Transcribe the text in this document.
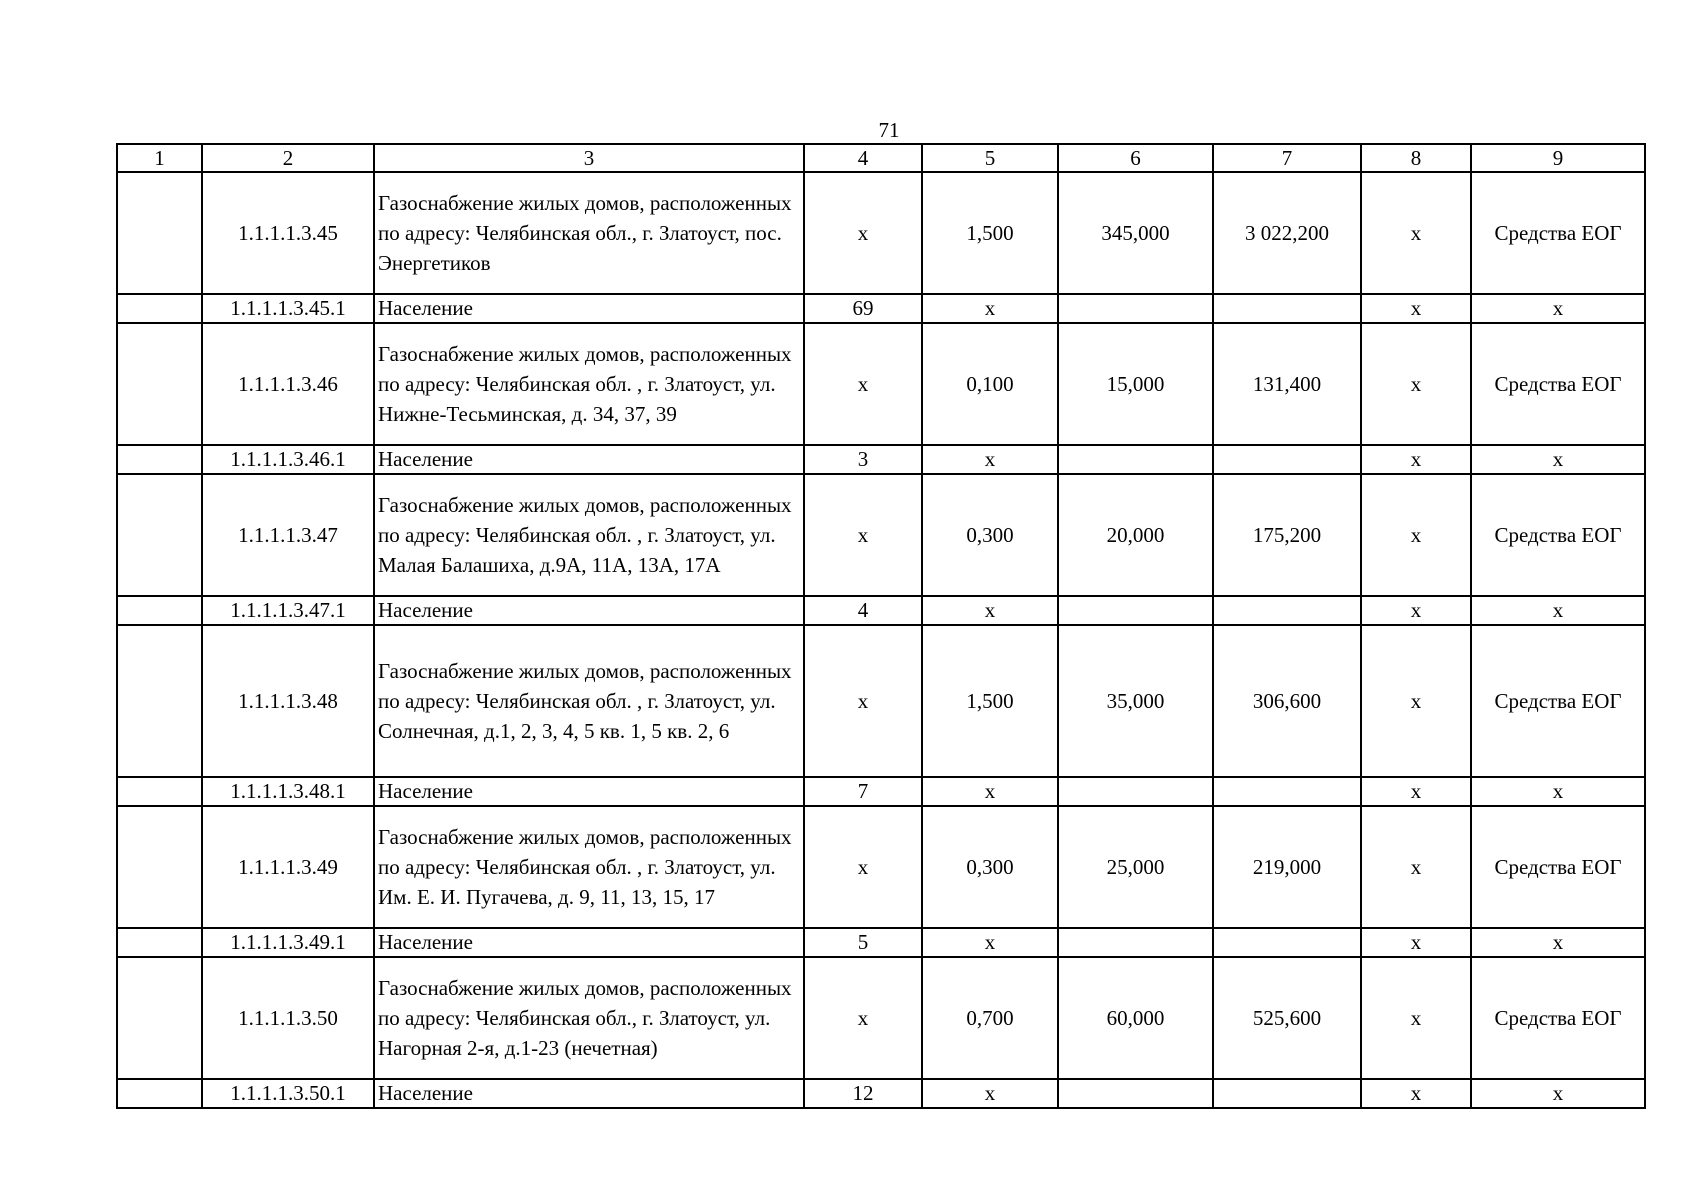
71
1	2	3	4	5	6	7	8	9
	1.1.1.1.3.45	Газоснабжение жилых домов, расположенных по адресу: Челябинская обл., г. Златоуст, пос. Энергетиков	х	1,500	345,000	3 022,200	х	Средства ЕОГ
	1.1.1.1.3.45.1	Население	69	х			х	х
	1.1.1.1.3.46	Газоснабжение жилых домов, расположенных по адресу: Челябинская обл. , г. Златоуст, ул. Нижне-Тесьминская, д. 34, 37, 39	х	0,100	15,000	131,400	х	Средства ЕОГ
	1.1.1.1.3.46.1	Население	3	х			х	х
	1.1.1.1.3.47	Газоснабжение жилых домов, расположенных по адресу: Челябинская обл. , г. Златоуст, ул. Малая Балашиха, д.9А, 11А, 13А, 17А	х	0,300	20,000	175,200	х	Средства ЕОГ
	1.1.1.1.3.47.1	Население	4	х			х	х
	1.1.1.1.3.48	Газоснабжение жилых домов, расположенных по адресу: Челябинская обл. , г. Златоуст, ул. Солнечная, д.1, 2, 3, 4, 5 кв. 1, 5 кв. 2, 6	х	1,500	35,000	306,600	х	Средства ЕОГ
	1.1.1.1.3.48.1	Население	7	х			х	х
	1.1.1.1.3.49	Газоснабжение жилых домов, расположенных по адресу: Челябинская обл. , г. Златоуст, ул. Им. Е. И. Пугачева, д. 9, 11, 13, 15, 17	х	0,300	25,000	219,000	х	Средства ЕОГ
	1.1.1.1.3.49.1	Население	5	х			х	х
	1.1.1.1.3.50	Газоснабжение жилых домов, расположенных по адресу: Челябинская обл., г. Златоуст, ул. Нагорная 2-я, д.1-23 (нечетная)	х	0,700	60,000	525,600	х	Средства ЕОГ
	1.1.1.1.3.50.1	Население	12	х			х	х
